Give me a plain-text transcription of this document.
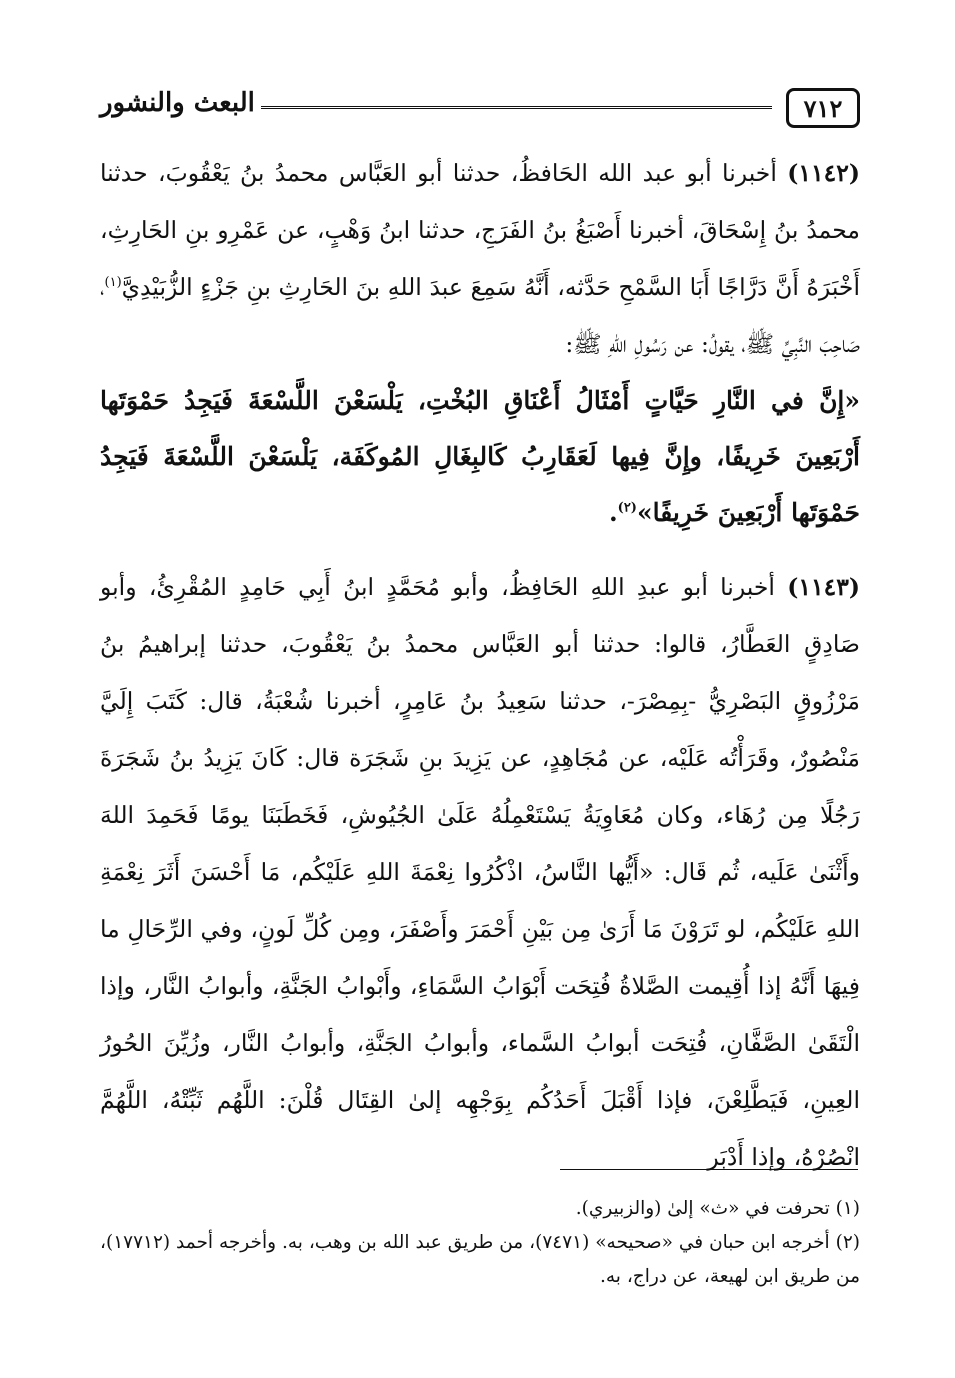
البعث والنشور	٧١٢

(١١٤٢) أخبرنا أبو عبد الله الحَافظُ، حدثنا أبو العَبَّاس محمدُ بنُ يَعْقُوبَ، حدثنا محمدُ بنُ إِسْحَاقَ، أخبرنا أَصْبَغُ بنُ الفَرَجِ، حدثنا ابنُ وَهْبٍ، عن عَمْرِو بنِ الحَارِثِ، أَخْبَرَهُ أَنَّ دَرَّاجًا أَبَا السَّمْحِ حَدَّثه، أَنَّهُ سَمِعَ عبدَ اللهِ بنَ الحَارِثِ بنِ جَزْءٍ الزُّبَيْدِيَّ$^{(١)}$، صَاحِبَ النَّبِيِّ ﷺ، يقولُ: عن رَسُولِ اللهِ ﷺ:

«إِنَّ في النَّارِ حَيَّاتٍ أَمْثَالُ أَعْنَاقِ البُخْتِ، يَلْسَعْنَ اللَّسْعَةَ فَيَجِدُ حَمْوَتَها أَرْبَعِينَ خَرِيفًا، وإِنَّ فِيها لَعَقَارِبُ كَالبِغَالِ المُوكَفَة، يَلْسَعْنَ اللَّسْعَةَ فَيَجِدُ حَمْوَتَها أَرْبَعِينَ خَرِيفًا»$^{(٢)}$.

(١١٤٣) أخبرنا أبو عبدِ اللهِ الحَافِظُ، وأبو مُحَمَّدٍ ابنُ أَبِي حَامِدٍ المُقْرِئُ، وأبو صَادِقٍ العَطَّارُ، قالوا: حدثنا أبو العَبَّاس محمدُ بنُ يَعْقُوبَ، حدثنا إبراهيمُ بنُ مَرْزُوقٍ البَصْرِيُّ -بِمِصْرَ-، حدثنا سَعِيدُ بنُ عَامِرٍ، أخبرنا شُعْبَةُ، قال: كَتَبَ إِلَيَّ مَنْصُورٌ، وقَرَأْتُه عَلَيْه، عن مُجَاهِدٍ، عن يَزِيدَ بنِ شَجَرَة قال: كَانَ يَزِيدُ بنُ شَجَرَةَ رَجُلًا مِن رُهَاء، وكان مُعَاوِيَةُ يَسْتَعْمِلُهُ عَلَىٰ الجُيُوشِ، فَخَطَبَنَا يومًا فَحَمِدَ اللهَ وأَثْنَىٰ عَلَيه، ثُم قَال: «أَيُّها النَّاسُ، اذْكُرُوا نِعْمَةَ اللهِ عَلَيْكُم، مَا أَحْسَنَ أَثَرَ نِعْمَةِ اللهِ عَلَيْكُم، لو تَرَوْنَ مَا أَرَىٰ مِن بَيْنِ أَحْمَرَ وأَصْفَرَ، ومِن كُلِّ لَونٍ، وفي الرِّحَالِ ما فِيهَا أَنَّهُ إذا أُقِيمت الصَّلاةُ فُتِحَت أَبْوَابُ السَّمَاءِ، وأَبْوابُ الجَنَّةِ، وأبوابُ النَّار، وإذا الْتَقَىٰ الصَّفَّانِ، فُتِحَت أبوابُ السَّماء، وأبوابُ الجَنَّةِ، وأبوابُ النَّار، وزُيِّنَ الحُورُ العِينِ، فَيَطَّلِعْنَ، فإذا أَقْبَلَ أَحَدُكُم بِوَجْهِه إلىٰ القِتَال قُلْنَ: اللَّهُم ثَبِّتْهُ، اللَّهُمَّ انْصُرْهُ، وإذا أَدْبَر

(١) تحرفت في «ث» إلىٰ (والزبيري).

(٢) أخرجه ابن حبان في «صحيحه» (٧٤٧١)، من طريق عبد الله بن وهب، به. وأخرجه أحمد (١٧٧١٢)، من طريق ابن لهيعة، عن دراج، به.
